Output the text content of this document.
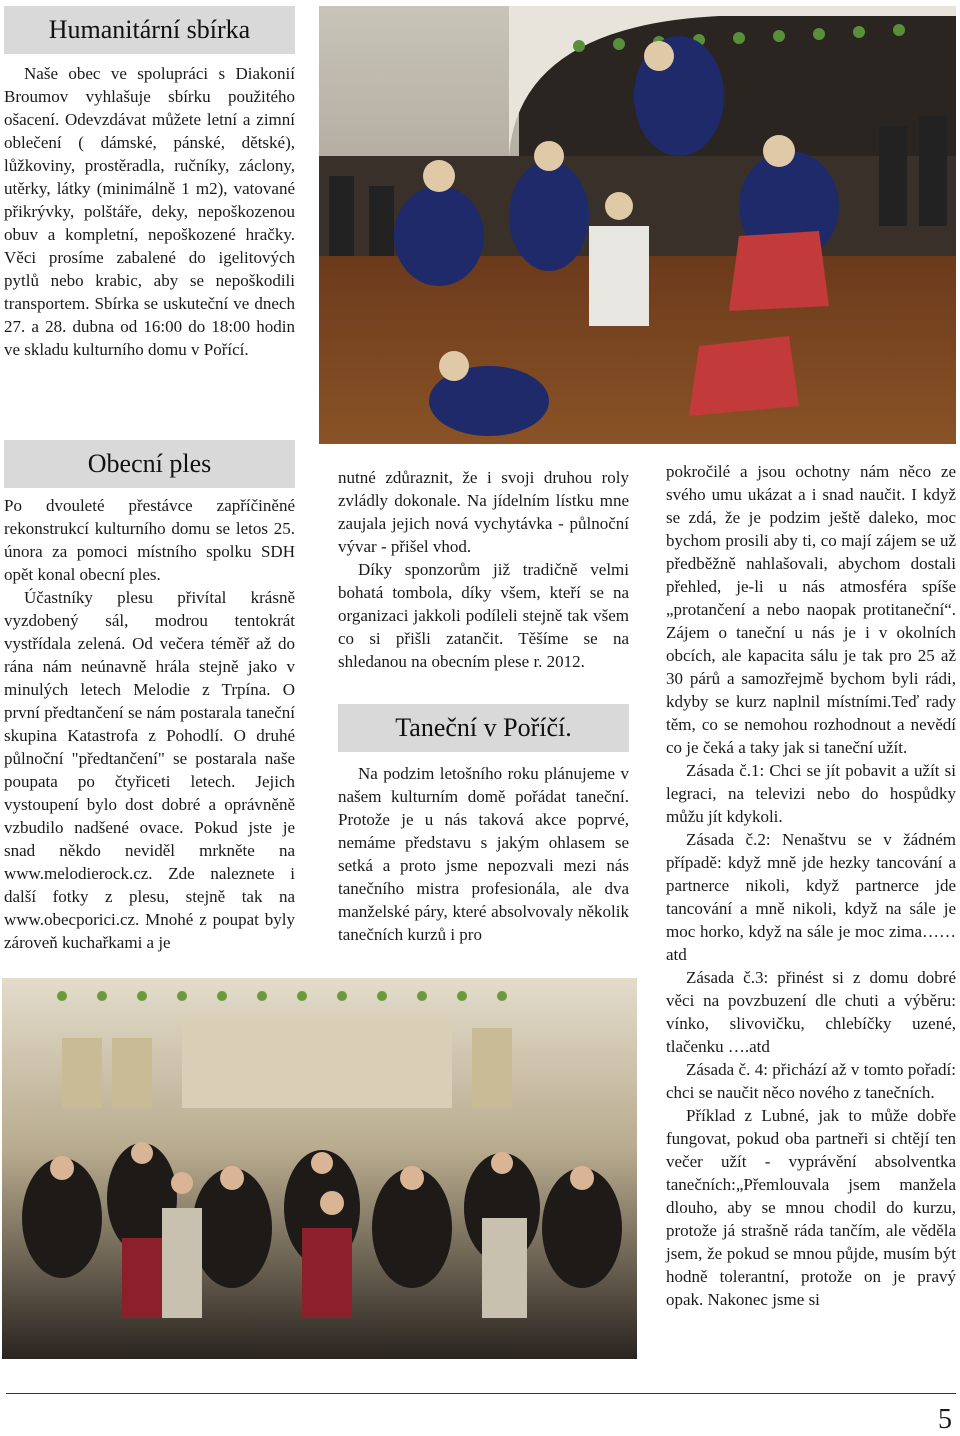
Humanitární sbírka

Naše obec ve spolupráci s Diakonií Broumov vyhlašuje sbírku použitého ošacení. Odevzdávat můžete letní a zimní oblečení ( dámské, pánské, dětské), lůžkoviny, prostěradla, ručníky, záclony, utěrky, látky (minimálně 1 m2), vatované přikrývky, polštáře, deky, nepoškozenou obuv a kompletní, nepoškozené hračky. Věci prosíme zabalené do igelitových pytlů nebo krabic, aby se nepoškodili transportem. Sbírka se uskuteční ve dnech 27. a 28. dubna od 16:00 do 18:00 hodin ve skladu kulturního domu v Pořící.

Obecní ples

Po dvouleté přestávce zapříčiněné rekonstrukcí kulturního domu se letos 25. února za pomoci místního spolku SDH opět konal obecní ples.

Účastníky plesu přivítal krásně vyzdobený sál, modrou tentokrát vystřídala zelená. Od večera téměř až do rána nám neúnavně hrála stejně jako v minulých letech Melodie z Trpína. O první předtančení se nám postarala taneční skupina Katastrofa z Pohodlí. O druhé půlnoční "předtančení" se postarala naše poupata po čtyřiceti letech. Jejich vystoupení bylo dost dobré a oprávněně vzbudilo nadšené ovace. Pokud jste je snad někdo neviděl mrkněte na www.melodierock.cz. Zde naleznete i další fotky z plesu, stejně tak na www.obecporici.cz. Mnohé z poupat byly zároveň kuchařkami a je

nutné zdůraznit, že i svoji druhou roly zvládly dokonale. Na jídelním lístku mne zaujala jejich nová vychytávka - půlnoční vývar - přišel vhod.

Díky sponzorům již tradičně velmi bohatá tombola, díky všem, kteří se na organizaci jakkoli podíleli stejně tak všem co si přišli zatančit. Těšíme se na shledanou na obecním plese r. 2012.

Taneční v Poříčí.

Na podzim letošního roku plánujeme v našem kulturním domě pořádat taneční. Protože je u nás taková akce poprvé, nemáme představu s jakým ohlasem se setká a proto jsme nepozvali mezi nás tanečního mistra profesionála, ale dva manželské páry, které absolvovaly několik tanečních kurzů i pro

pokročilé a jsou ochotny nám něco ze svého umu ukázat a i snad naučit. I když se zdá, že je podzim ještě daleko, moc bychom prosili aby ti, co mají zájem se už předběžně nahlašovali, abychom dostali přehled, je-li u nás atmosféra spíše „protančení a nebo naopak protitaneční“. Zájem o taneční u nás je i v okolních obcích, ale kapacita sálu je tak pro 25 až 30 párů a samozřejmě bychom byli rádi, kdyby se kurz naplnil místními.Teď rady těm, co se nemohou rozhodnout a nevědí co je čeká a taky jak si taneční užít.

Zásada č.1: Chci se jít pobavit a užít si legraci, na televizi nebo do hospůdky můžu jít kdykoli.

Zásada č.2: Nenaštvu se v žádném případě: když mně jde hezky tancování a partnerce nikoli, když partnerce jde tancování a mně nikoli, když na sále je moc horko, když na sále je moc zima……atd

Zásada č.3: přinést si z domu dobré věci na povzbuzení dle chuti a výběru: vínko, slivovičku, chlebíčky uzené, tlačenku ….atd

Zásada č. 4: přichází až v tomto pořadí: chci se naučit něco nového z tanečních.

Příklad z Lubné, jak to může dobře fungovat, pokud oba partneři si chtějí ten večer užít - vyprávění absolventka tanečních:„Přemlouvala jsem manžela dlouho, aby se mnou chodil do kurzu, protože já strašně ráda tančím, ale věděla jsem, že pokud se mnou půjde, musím být hodně tolerantní, protože on je pravý opak. Nakonec jsme si

5
